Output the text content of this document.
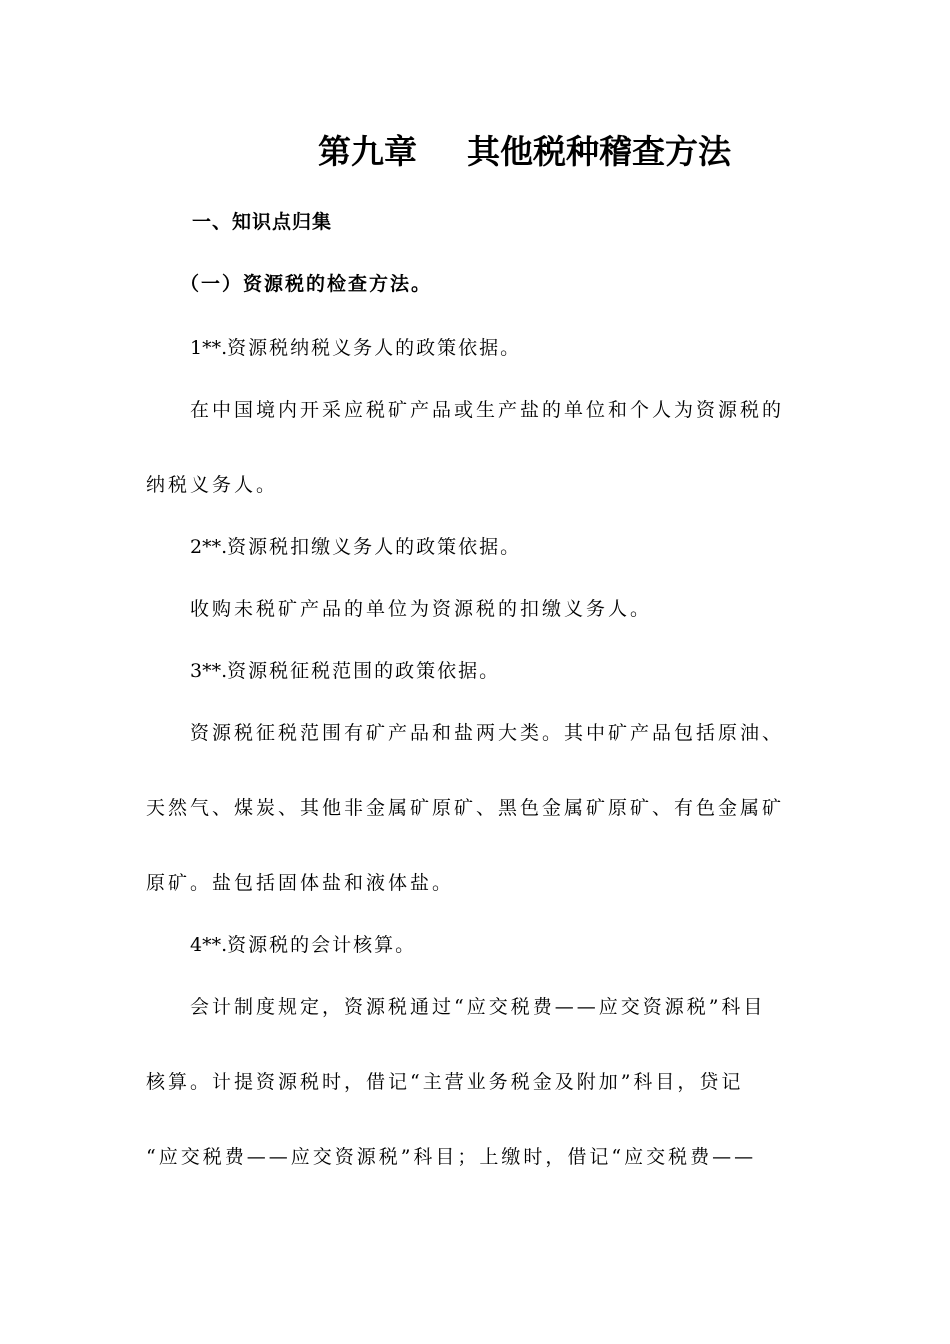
第九章 其他税种稽查方法
一、知识点归集
（一）资源税的检查方法。
1**.资源税纳税义务人的政策依据。
在中国境内开采应税矿产品或生产盐的单位和个人为资源税的
纳税义务人。
2**.资源税扣缴义务人的政策依据。
收购未税矿产品的单位为资源税的扣缴义务人。
3**.资源税征税范围的政策依据。
资源税征税范围有矿产品和盐两大类。其中矿产品包括原油、
天然气、煤炭、其他非金属矿原矿、黑色金属矿原矿、有色金属矿
原矿。盐包括固体盐和液体盐。
4**.资源税的会计核算。
会计制度规定，资源税通过“应交税费——应交资源税”科目
核算。计提资源税时，借记“主营业务税金及附加”科目，贷记
“应交税费——应交资源税”科目；上缴时，借记“应交税费——
